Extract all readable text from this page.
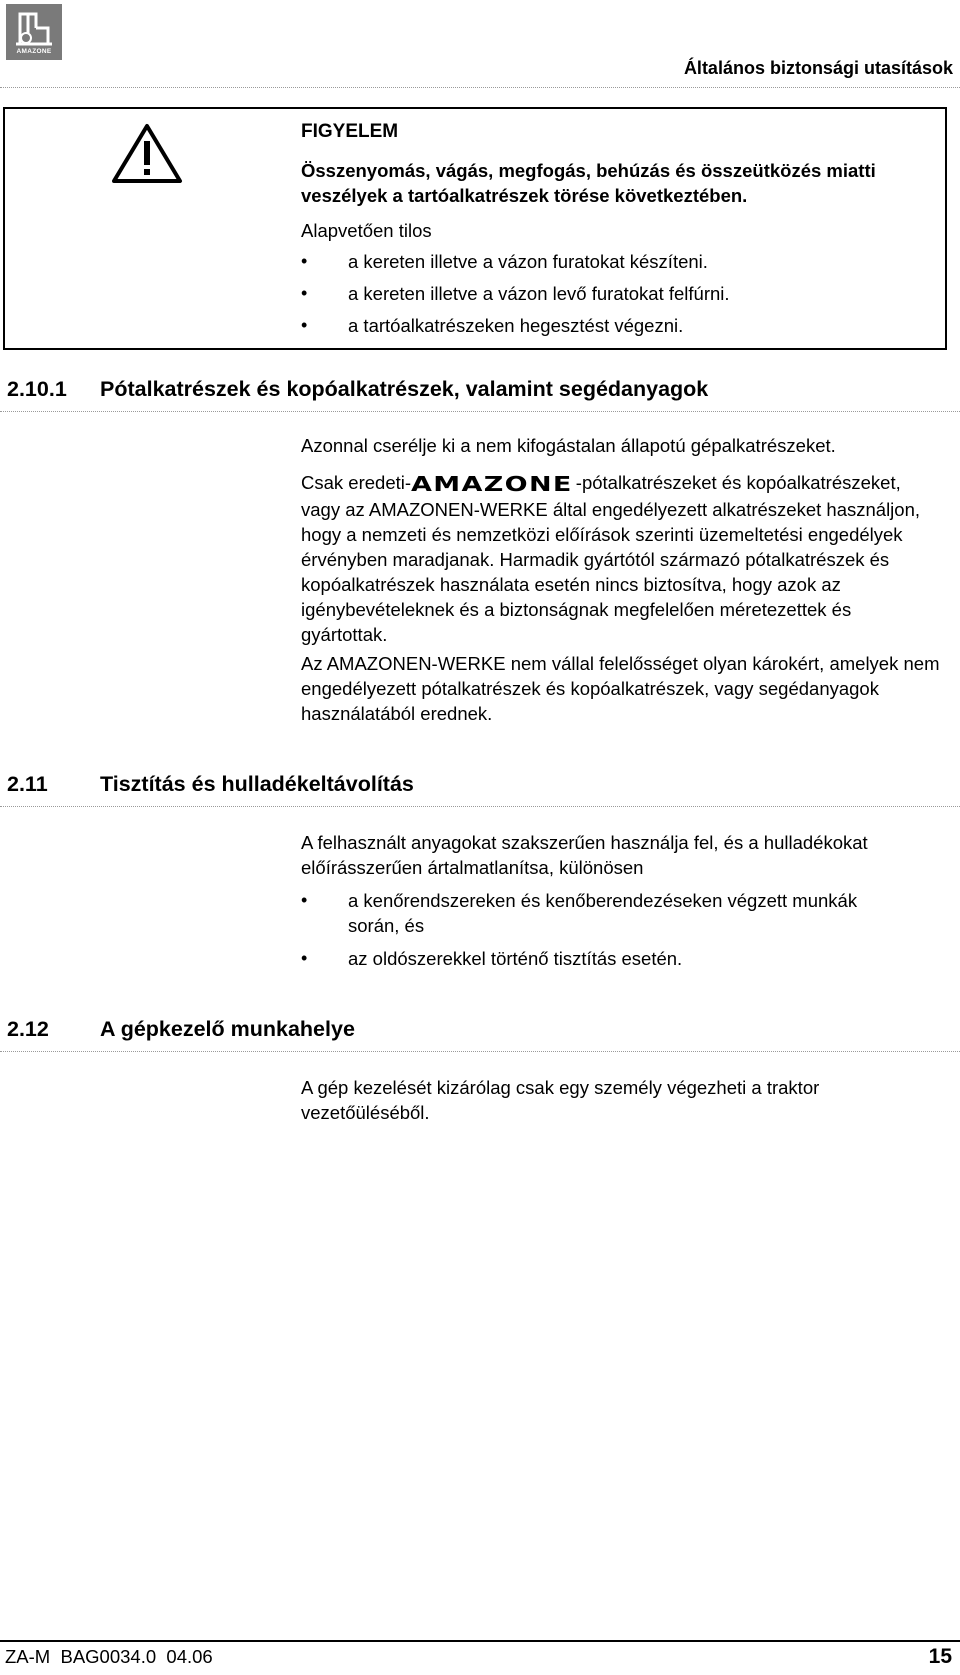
AMAZONE
Általános biztonsági utasítások
FIGYELEM
Összenyomás, vágás, megfogás, behúzás és összeütközés miatti veszélyek a tartóalkatrészek törése következtében.
Alapvetően tilos
• a kereten illetve a vázon furatokat készíteni.
• a kereten illetve a vázon levő furatokat felfúrni.
• a tartóalkatrészeken hegesztést végezni.
2.10.1 Pótalkatrészek és kopóalkatrészek, valamint segédanyagok
Azonnal cserélje ki a nem kifogástalan állapotú gépalkatrészeket.
Csak eredeti-AMAZONE -pótalkatrészeket és kopóalkatrészeket, vagy az AMAZONEN-WERKE által engedélyezett alkatrészeket használjon, hogy a nemzeti és nemzetközi előírások szerinti üzemeltetési engedélyek érvényben maradjanak. Harmadik gyártótól származó pótalkatrészek és kopóalkatrészek használata esetén nincs biztosítva, hogy azok az igénybevételeknek és a biztonságnak megfelelően méretezettek és gyártottak.
Az AMAZONEN-WERKE nem vállal felelősséget olyan károkért, amelyek nem engedélyezett pótalkatrészek és kopóalkatrészek, vagy segédanyagok használatából erednek.
2.11 Tisztítás és hulladékeltávolítás
A felhasznált anyagokat szakszerűen használja fel, és a hulladékokat előírásszerűen ártalmatlanítsa, különösen
• a kenőrendszereken és kenőberendezéseken végzett munkák során, és
• az oldószerekkel történő tisztítás esetén.
2.12 A gépkezelő munkahelye
A gép kezelését kizárólag csak egy személy végezheti a traktor vezetőüléséből.
ZA-M  BAG0034.0  04.06	15
